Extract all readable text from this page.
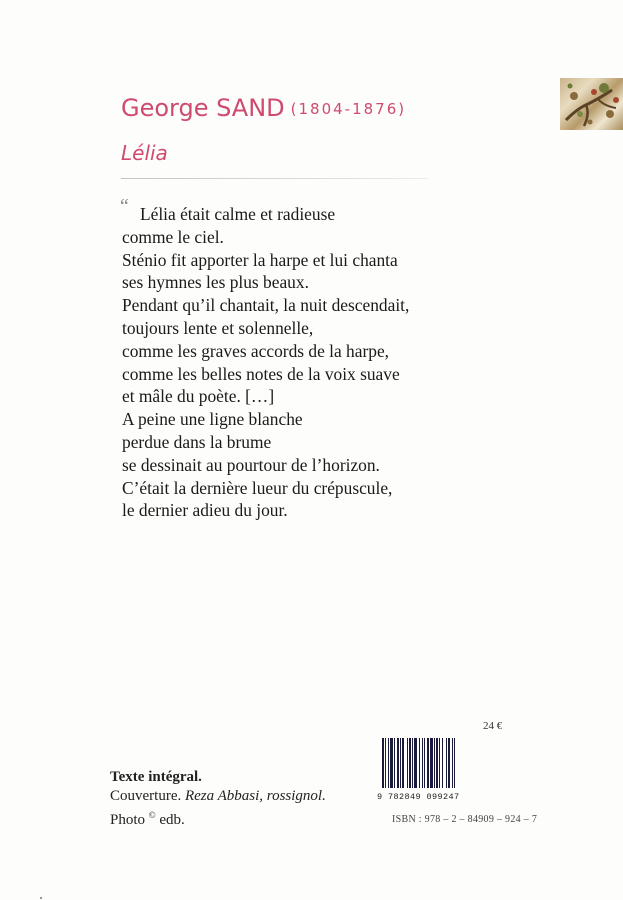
George SAND (1804-1876)
Lélia
“ Lélia était calme et radieuse
comme le ciel.
Sténio fit apporter la harpe et lui chanta
ses hymnes les plus beaux.
Pendant qu’il chantait, la nuit descendait,
toujours lente et solennelle,
comme les graves accords de la harpe,
comme les belles notes de la voix suave
et mâle du poète. […]
A peine une ligne blanche
perdue dans la brume
se dessinait au pourtour de l’horizon.
C’était la dernière lueur du crépuscule,
le dernier adieu du jour.
24 €
9 782849 099247
ISBN : 978 – 2 – 84909 – 924 – 7
Texte intégral.
Couverture. Reza Abbasi, rossignol.
Photo © edb.
